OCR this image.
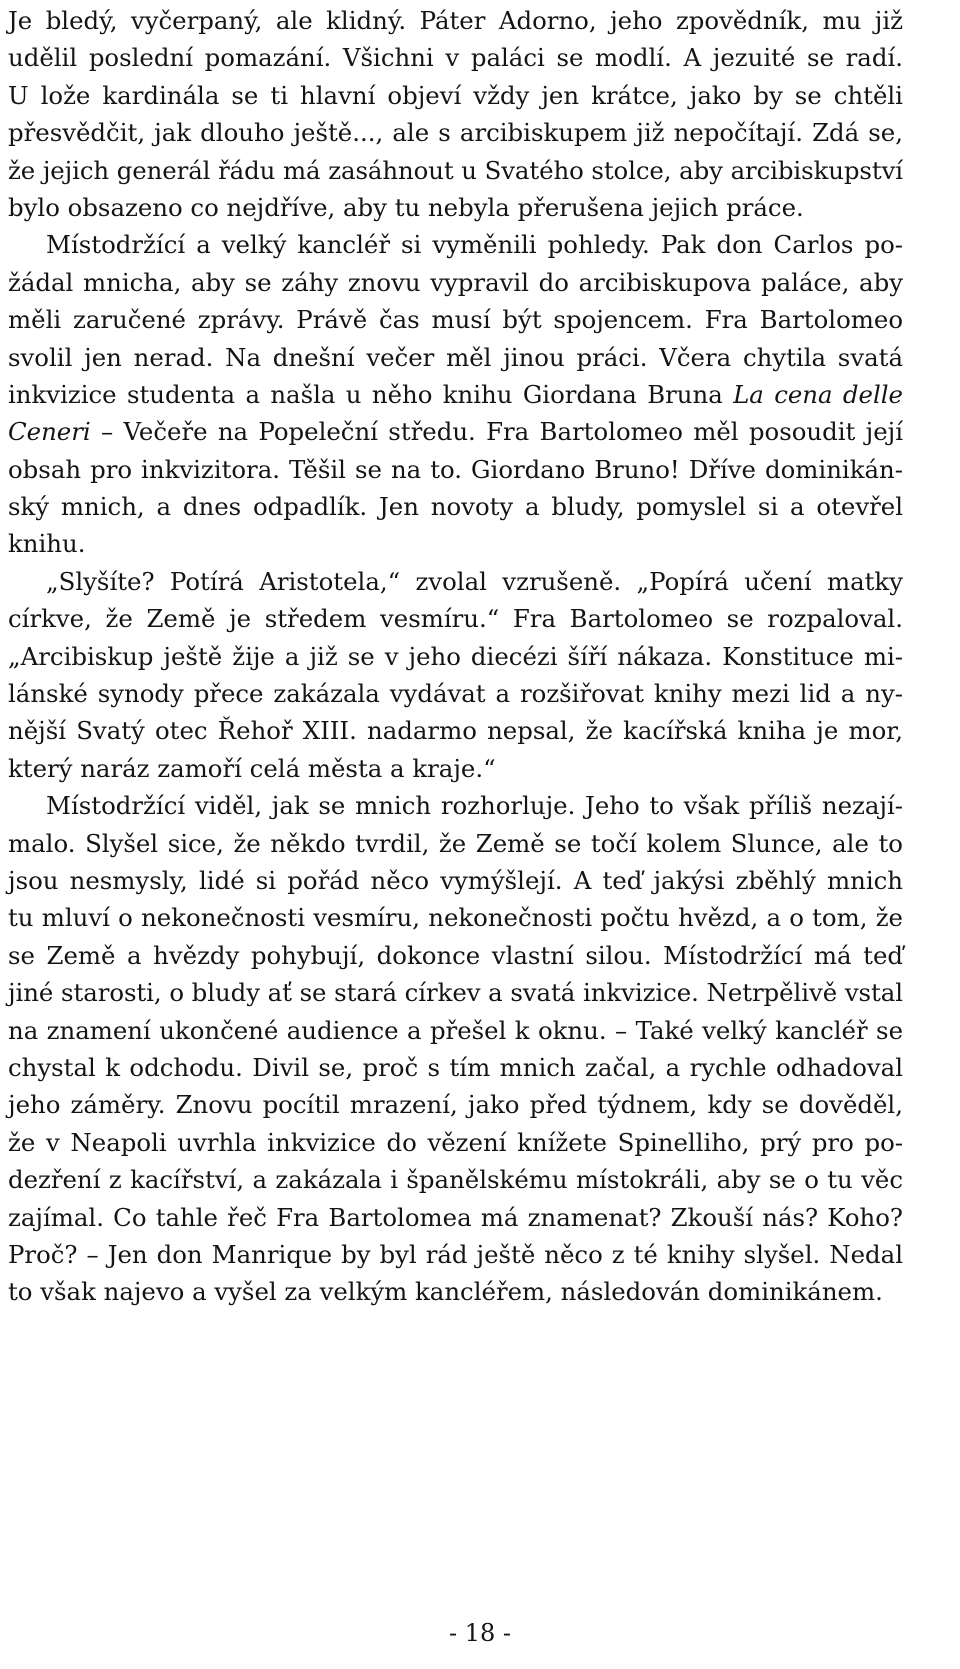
Je bledý, vyčerpaný, ale klidný. Páter Adorno, jeho zpovědník, mu již
udělil poslední pomazání. Všichni v paláci se modlí. A jezuité se radí.
U lože kardinála se ti hlavní objeví vždy jen krátce, jako by se chtěli
přesvědčit, jak dlouho ještě..., ale s arcibiskupem již nepočítají. Zdá se,
že jejich generál řádu má zasáhnout u Svatého stolce, aby arcibiskupství
bylo obsazeno co nejdříve, aby tu nebyla přerušena jejich práce.
Místodržící a velký kancléř si vyměnili pohledy. Pak don Carlos po-
žádal mnicha, aby se záhy znovu vypravil do arcibiskupova paláce, aby
měli zaručené zprávy. Právě čas musí být spojencem. Fra Bartolomeo
svolil jen nerad. Na dnešní večer měl jinou práci. Včera chytila svatá
inkvizice studenta a našla u něho knihu Giordana Bruna La cena delle
Ceneri – Večeře na Popeleční středu. Fra Bartolomeo měl posoudit její
obsah pro inkvizitora. Těšil se na to. Giordano Bruno! Dříve dominikán-
ský mnich, a dnes odpadlík. Jen novoty a bludy, pomyslel si a otevřel
knihu.
„Slyšíte? Potírá Aristotela,“ zvolal vzrušeně. „Popírá učení matky
církve, že Země je středem vesmíru.“ Fra Bartolomeo se rozpaloval.
„Arcibiskup ještě žije a již se v jeho diecézi šíří nákaza. Konstituce mi-
lánské synody přece zakázala vydávat a rozšiřovat knihy mezi lid a ny-
nější Svatý otec Řehoř XIII. nadarmo nepsal, že kacířská kniha je mor,
který naráz zamoří celá města a kraje.“
Místodržící viděl, jak se mnich rozhorluje. Jeho to však příliš nezají-
malo. Slyšel sice, že někdo tvrdil, že Země se točí kolem Slunce, ale to
jsou nesmysly, lidé si pořád něco vymýšlejí. A teď jakýsi zběhlý mnich
tu mluví o nekonečnosti vesmíru, nekonečnosti počtu hvězd, a o tom, že
se Země a hvězdy pohybují, dokonce vlastní silou. Místodržící má teď
jiné starosti, o bludy ať se stará církev a svatá inkvizice. Netrpělivě vstal
na znamení ukončené audience a přešel k oknu. – Také velký kancléř se
chystal k odchodu. Divil se, proč s tím mnich začal, a rychle odhadoval
jeho záměry. Znovu pocítil mrazení, jako před týdnem, kdy se dověděl,
že v Neapoli uvrhla inkvizice do vězení knížete Spinelliho, prý pro po-
dezření z kacířství, a zakázala i španělskému místokráli, aby se o tu věc
zajímal. Co tahle řeč Fra Bartolomea má znamenat? Zkouší nás? Koho?
Proč? – Jen don Manrique by byl rád ještě něco z té knihy slyšel. Nedal
to však najevo a vyšel za velkým kancléřem, následován dominikánem.
- 18 -
